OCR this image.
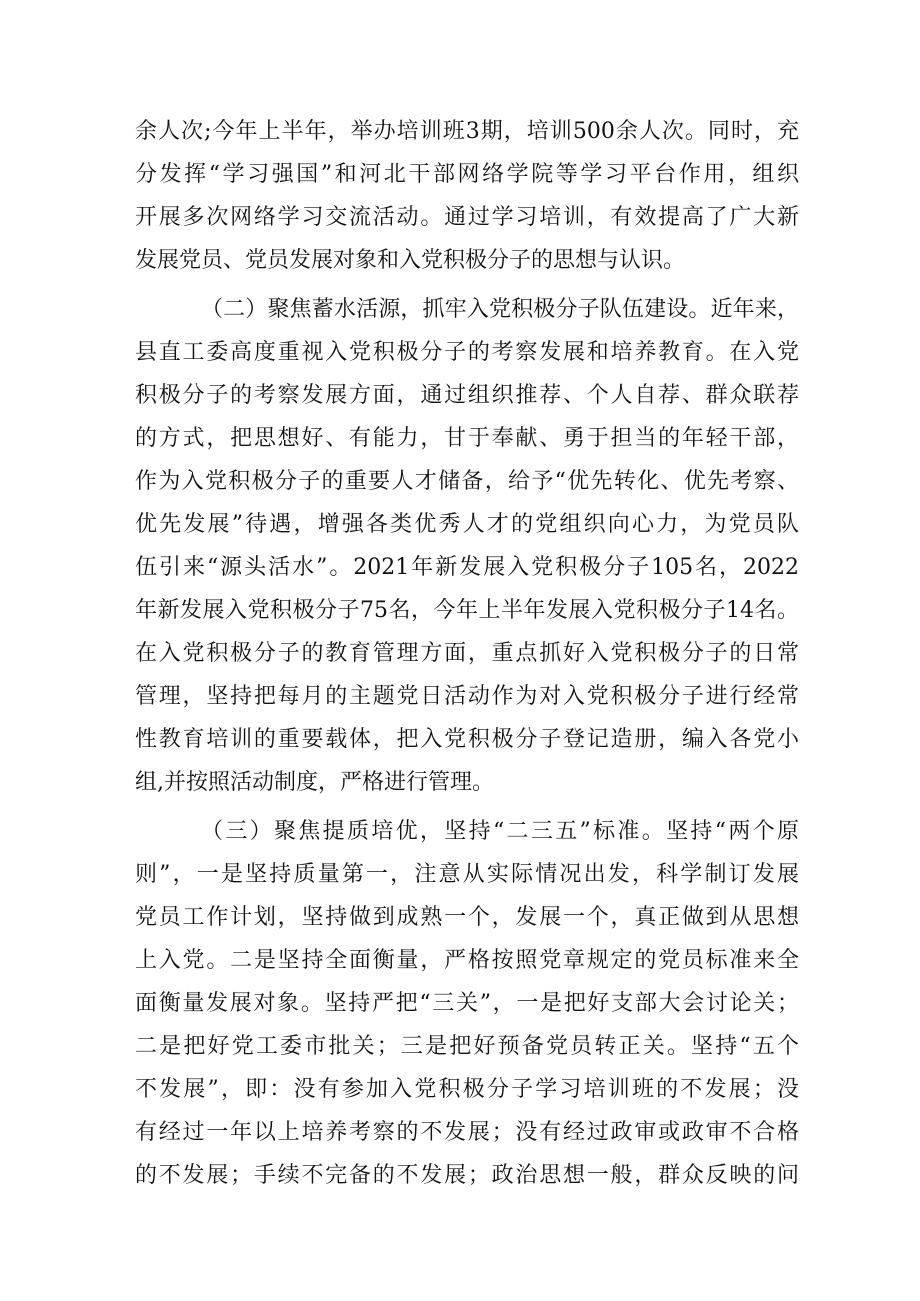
余人次;今年上半年，举办培训班3期，培训500余人次。同时，充
分发挥“学习强国”和河北干部网络学院等学习平台作用，组织
开展多次网络学习交流活动。通过学习培训，有效提高了广大新
发展党员、党员发展对象和入党积极分子的思想与认识。
（二）聚焦蓄水活源，抓牢入党积极分子队伍建设。近年来，
县直工委高度重视入党积极分子的考察发展和培养教育。在入党
积极分子的考察发展方面，通过组织推荐、个人自荐、群众联荐
的方式，把思想好、有能力，甘于奉献、勇于担当的年轻干部，
作为入党积极分子的重要人才储备，给予“优先转化、优先考察、
优先发展”待遇，增强各类优秀人才的党组织向心力，为党员队
伍引来“源头活水”。2021年新发展入党积极分子105名，2022
年新发展入党积极分子75名，今年上半年发展入党积极分子14名。
在入党积极分子的教育管理方面，重点抓好入党积极分子的日常
管理，坚持把每月的主题党日活动作为对入党积极分子进行经常
性教育培训的重要载体，把入党积极分子登记造册，编入各党小
组,并按照活动制度，严格进行管理。
（三）聚焦提质培优，坚持“二三五”标准。坚持“两个原
则”，一是坚持质量第一，注意从实际情况出发，科学制订发展
党员工作计划，坚持做到成熟一个，发展一个，真正做到从思想
上入党。二是坚持全面衡量，严格按照党章规定的党员标准来全
面衡量发展对象。坚持严把“三关”，一是把好支部大会讨论关；
二是把好党工委市批关；三是把好预备党员转正关。坚持“五个
不发展”，即：没有参加入党积极分子学习培训班的不发展；没
有经过一年以上培养考察的不发展；没有经过政审或政审不合格
的不发展；手续不完备的不发展；政治思想一般，群众反映的问
